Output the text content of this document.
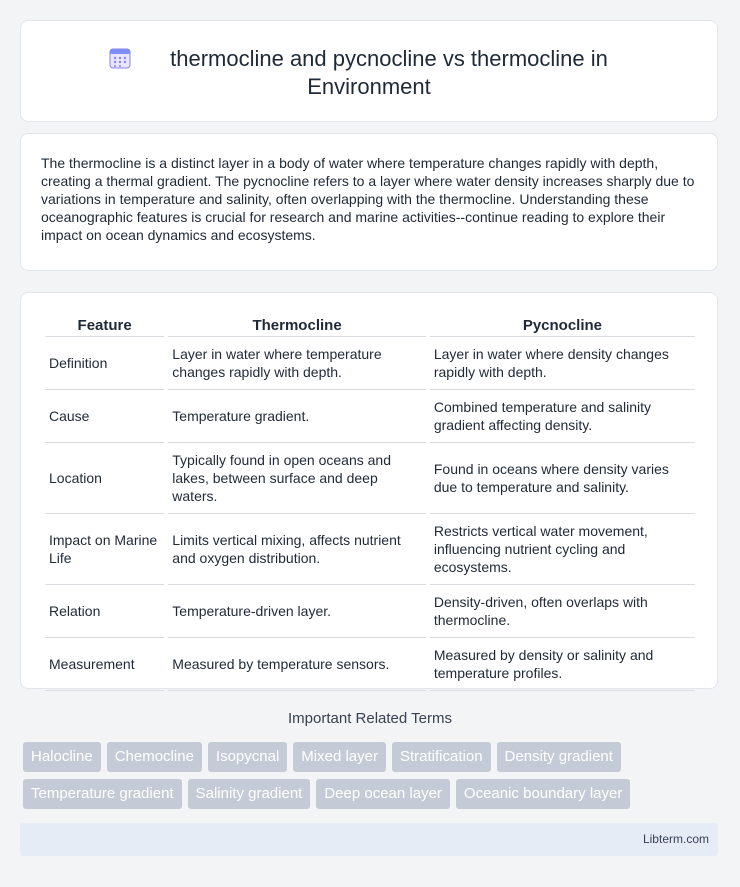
thermocline and pycnocline vs thermocline in
Environment

The thermocline is a distinct layer in a body of water where temperature changes rapidly with depth, creating a thermal gradient. The pycnocline refers to a layer where water density increases sharply due to variations in temperature and salinity, often overlapping with the thermocline. Understanding these oceanographic features is crucial for research and marine activities--continue reading to explore their impact on ocean dynamics and ecosystems.

Feature	Thermocline	Pycnocline
Definition	Layer in water where temperature changes rapidly with depth.	Layer in water where density changes rapidly with depth.
Cause	Temperature gradient.	Combined temperature and salinity gradient affecting density.
Location	Typically found in open oceans and lakes, between surface and deep waters.	Found in oceans where density varies due to temperature and salinity.
Impact on Marine Life	Limits vertical mixing, affects nutrient and oxygen distribution.	Restricts vertical water movement, influencing nutrient cycling and ecosystems.
Relation	Temperature-driven layer.	Density-driven, often overlaps with thermocline.
Measurement	Measured by temperature sensors.	Measured by density or salinity and temperature profiles.
Important Related Terms
Halocline	Chemocline	Isopycnal	Mixed layer	Stratification	Density gradient
Temperature gradient	Salinity gradient	Deep ocean layer	Oceanic boundary layer
Libterm.com
